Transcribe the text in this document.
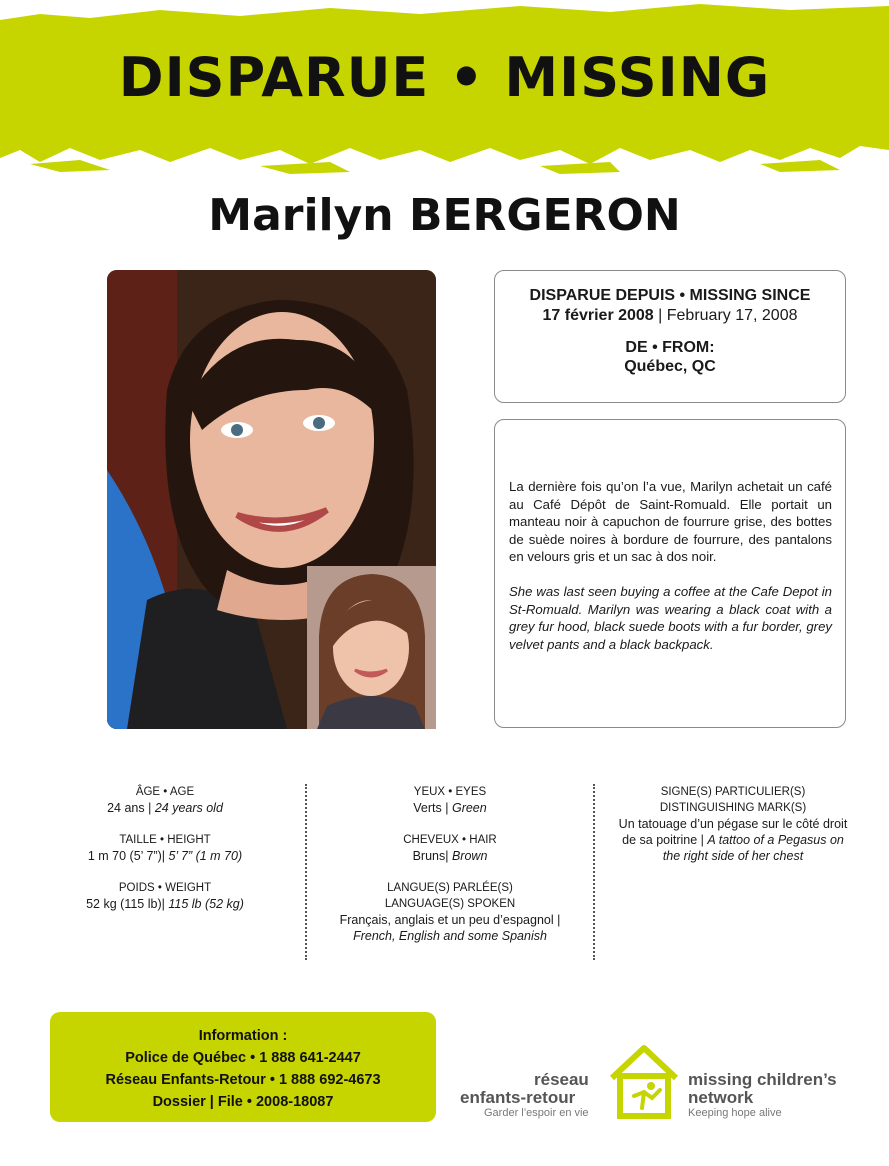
DISPARUE • MISSING
Marilyn BERGERON
DISPARUE DEPUIS • MISSING SINCE
17 février 2008 | February 17, 2008
DE • FROM:
Québec, QC

La dernière fois qu’on l’a vue, Marilyn achetait un café au Café Dépôt de Saint-Romuald. Elle portait un manteau noir à capuchon de fourrure grise, des bottes de suède noires à bordure de fourrure, des pantalons en velours gris et un sac à dos noir.

She was last seen buying a coffee at the Cafe Depot in St-Romuald. Marilyn was wearing a black coat with a grey fur hood, black suede boots with a fur border, grey velvet pants and a black backpack.

ÂGE • AGE
24 ans | 24 years old
TAILLE • HEIGHT
1 m 70 (5’ 7”)| 5’ 7” (1 m 70)
POIDS • WEIGHT
52 kg (115 lb)| 115 lb (52 kg)
YEUX • EYES
Verts | Green
CHEVEUX • HAIR
Bruns| Brown
LANGUE(S) PARLÉE(S)
LANGUAGE(S) SPOKEN
Français, anglais et un peu d’espagnol | French, English and some Spanish
SIGNE(S) PARTICULIER(S)
DISTINGUISHING MARK(S)
Un tatouage d’un pégase sur le côté droit de sa poitrine | A tattoo of a Pegasus on the right side of her chest
Information :
Police de Québec • 1 888 641-2447
Réseau Enfants-Retour • 1 888 692-4673
Dossier | File • 2008-18087
réseau
enfants-retour
Garder l’espoir en vie
missing children’s
network
Keeping hope alive
